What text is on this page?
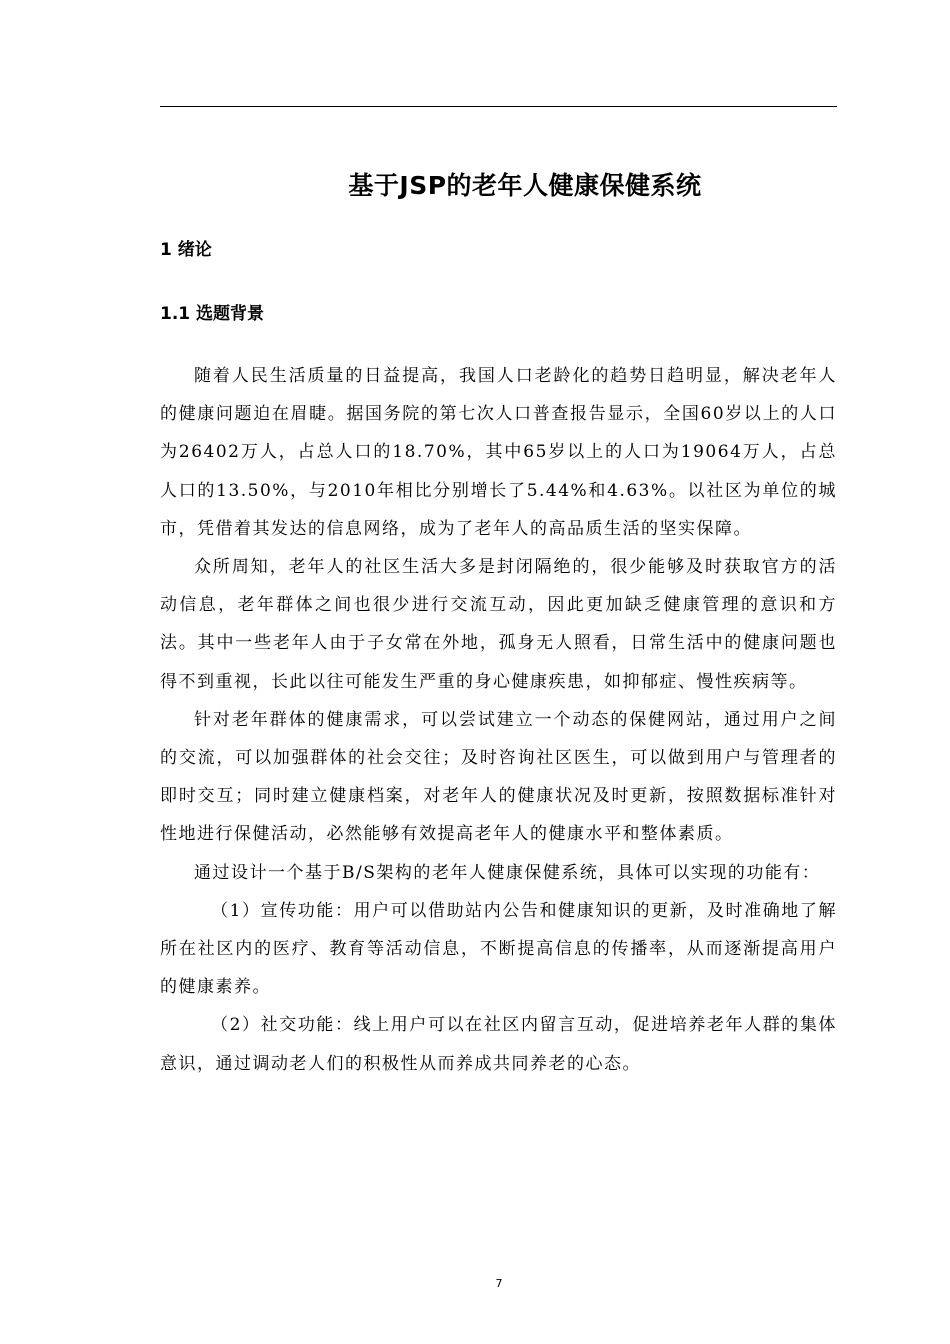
基于JSP的老年人健康保健系统
1 绪论
1.1 选题背景

随着人民生活质量的日益提高，我国人口老龄化的趋势日趋明显，解决老年人的健康问题迫在眉睫。据国务院的第七次人口普查报告显示，全国60岁以上的人口为26402万人，占总人口的18.70%，其中65岁以上的人口为19064万人，占总人口的13.50%，与2010年相比分别增长了5.44%和4.63%。以社区为单位的城市，凭借着其发达的信息网络，成为了老年人的高品质生活的坚实保障。

众所周知，老年人的社区生活大多是封闭隔绝的，很少能够及时获取官方的活动信息，老年群体之间也很少进行交流互动，因此更加缺乏健康管理的意识和方法。其中一些老年人由于子女常在外地，孤身无人照看，日常生活中的健康问题也得不到重视，长此以往可能发生严重的身心健康疾患，如抑郁症、慢性疾病等。

针对老年群体的健康需求，可以尝试建立一个动态的保健网站，通过用户之间的交流，可以加强群体的社会交往；及时咨询社区医生，可以做到用户与管理者的即时交互；同时建立健康档案，对老年人的健康状况及时更新，按照数据标准针对性地进行保健活动，必然能够有效提高老年人的健康水平和整体素质。

通过设计一个基于B/S架构的老年人健康保健系统，具体可以实现的功能有：

（1）宣传功能：用户可以借助站内公告和健康知识的更新，及时准确地了解所在社区内的医疗、教育等活动信息，不断提高信息的传播率，从而逐渐提高用户的健康素养。

（2）社交功能：线上用户可以在社区内留言互动，促进培养老年人群的集体意识，通过调动老人们的积极性从而养成共同养老的心态。

7
